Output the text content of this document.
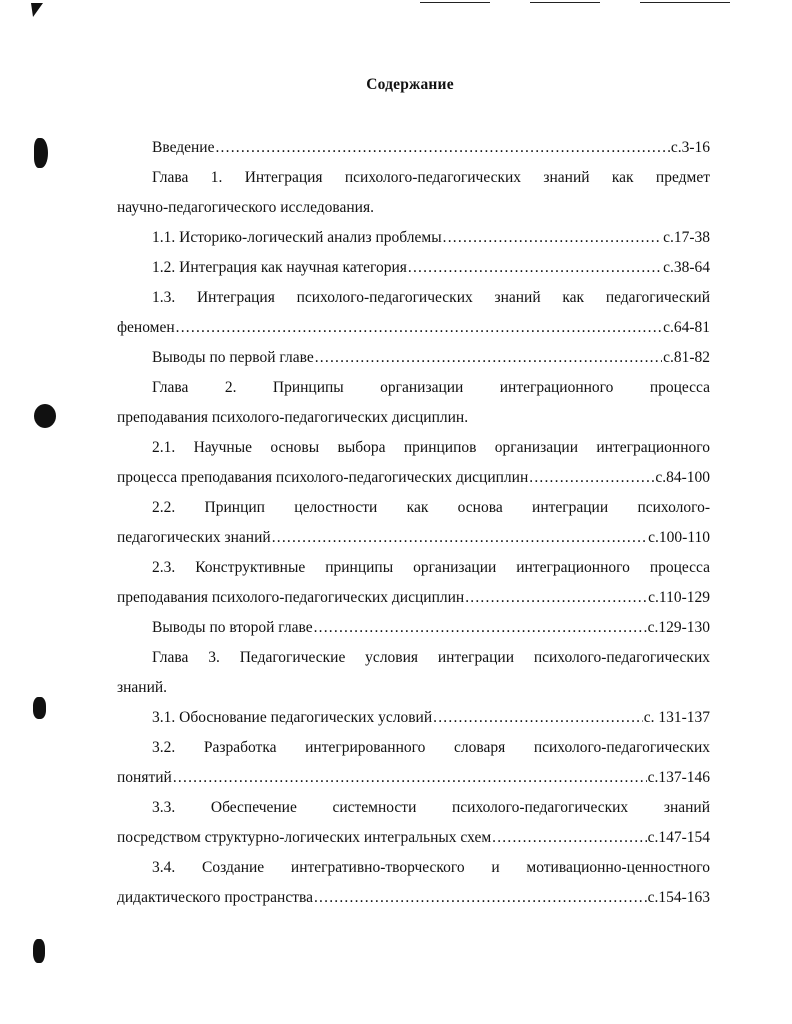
Содержание
Введение .....	с.3-16
Глава 1. Интеграция психолого-педагогических знаний как предмет
научно-педагогического исследования.
1.1. Историко-логический анализ проблемы .....	с.17-38
1.2. Интеграция как научная категория .....	с.38-64
1.3. Интеграция психолого-педагогических знаний как педагогический
феномен .....	с.64-81
Выводы по первой главе .....	с.81-82
Глава 2. Принципы организации интеграционного процесса
преподавания психолого-педагогических дисциплин.
2.1. Научные основы выбора принципов организации интеграционного
процесса преподавания психолого-педагогических дисциплин .....	с.84-100
2.2. Принцип целостности как основа интеграции психолого-
педагогических знаний .....	с.100-110
2.3. Конструктивные принципы организации интеграционного процесса
преподавания психолого-педагогических дисциплин .....	с.110-129
Выводы по второй главе .....	с.129-130
Глава 3. Педагогические условия интеграции психолого-педагогических
знаний.
3.1. Обоснование педагогических условий .....	с. 131-137
3.2. Разработка интегрированного словаря психолого-педагогических
понятий .....	с.137-146
3.3. Обеспечение системности психолого-педагогических знаний
посредством структурно-логических интегральных схем .....	с.147-154
3.4. Создание интегративно-творческого и мотивационно-ценностного
дидактического пространства .....	с.154-163
